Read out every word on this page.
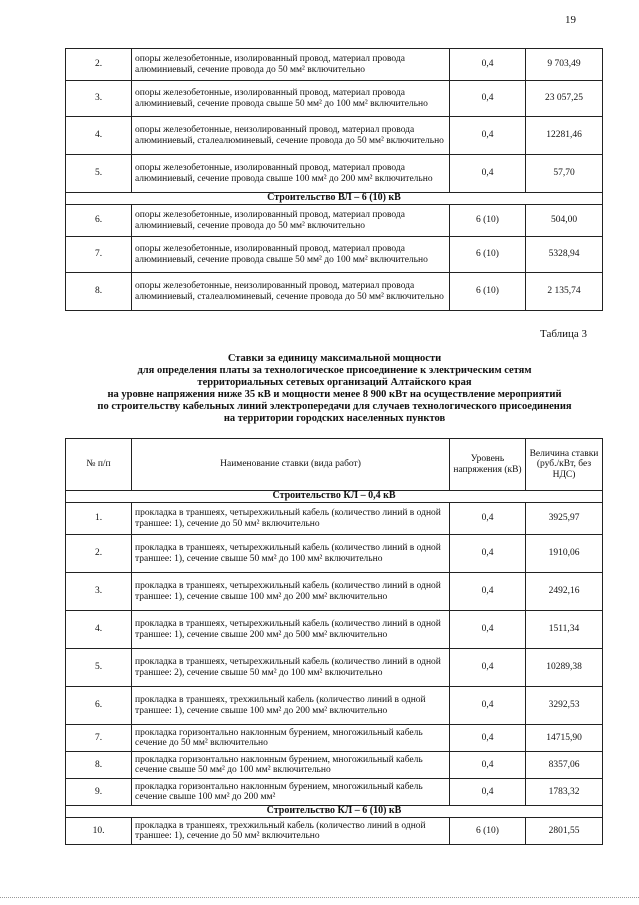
19
2.	опоры железобетонные, изолированный провод, материал провода алюминиевый, сечение провода до 50 мм² включительно	0,4	9 703,49
3.	опоры железобетонные, изолированный провод, материал провода алюминиевый, сечение провода свыше 50 мм² до 100 мм² включительно	0,4	23 057,25
4.	опоры железобетонные, неизолированный провод, материал провода алюминиевый, сталеалюминевый, сечение провода до 50 мм² включительно	0,4	12281,46
5.	опоры железобетонные, изолированный провод, материал провода алюминиевый, сечение провода свыше 100 мм² до 200 мм² включительно	0,4	57,70
Строительство ВЛ – 6 (10) кВ			
6.	опоры железобетонные, изолированный провод, материал провода алюминиевый, сечение провода до 50 мм² включительно	6 (10)	504,00
7.	опоры железобетонные, изолированный провод, материал провода алюминиевый, сечение провода свыше 50 мм² до 100 мм² включительно	6 (10)	5328,94
8.	опоры железобетонные, неизолированный провод, материал провода алюминиевый, сталеалюминевый, сечение провода до 50 мм² включительно	6 (10)	2 135,74
Таблица 3
Ставки за единицу максимальной мощности
для определения платы за технологическое присоединение к электрическим сетям
территориальных сетевых организаций Алтайского края
на уровне напряжения ниже 35 кВ и мощности менее 8 900 кВт на осуществление мероприятий
по строительству кабельных линий электропередачи для случаев технологического присоединения
на территории городских населенных пунктов
№ п/п	Наименование ставки (вида работ)	Уровень напряжения (кВ)	Величина ставки (руб./кВт, без НДС)
Строительство КЛ – 0,4 кВ			
1.	прокладка в траншеях, четырехжильный кабель (количество линий в одной траншее: 1), сечение до 50 мм² включительно	0,4	3925,97
2.	прокладка в траншеях, четырехжильный кабель (количество линий в одной траншее: 1), сечение свыше 50 мм² до 100 мм² включительно	0,4	1910,06
3.	прокладка в траншеях, четырехжильный кабель (количество линий в одной траншее: 1), сечение свыше 100 мм² до 200 мм² включительно	0,4	2492,16
4.	прокладка в траншеях, четырехжильный кабель (количество линий в одной траншее: 1), сечение свыше 200 мм² до 500 мм² включительно	0,4	1511,34
5.	прокладка в траншеях, четырехжильный кабель (количество линий в одной траншее: 2), сечение свыше 50 мм² до 100 мм² включительно	0,4	10289,38
6.	прокладка в траншеях, трехжильный кабель (количество линий в одной траншее: 1), сечение свыше 100 мм² до 200 мм² включительно	0,4	3292,53
7.	прокладка горизонтально наклонным бурением, многожильный кабель сечение до 50 мм² включительно	0,4	14715,90
8.	прокладка горизонтально наклонным бурением, многожильный кабель сечение свыше 50 мм² до 100 мм² включительно	0,4	8357,06
9.	прокладка горизонтально наклонным бурением, многожильный кабель сечение свыше 100 мм² до 200 мм²	0,4	1783,32
Строительство КЛ – 6 (10) кВ			
10.	прокладка в траншеях, трехжильный кабель (количество линий в одной траншее: 1), сечение до 50 мм² включительно	6 (10)	2801,55
